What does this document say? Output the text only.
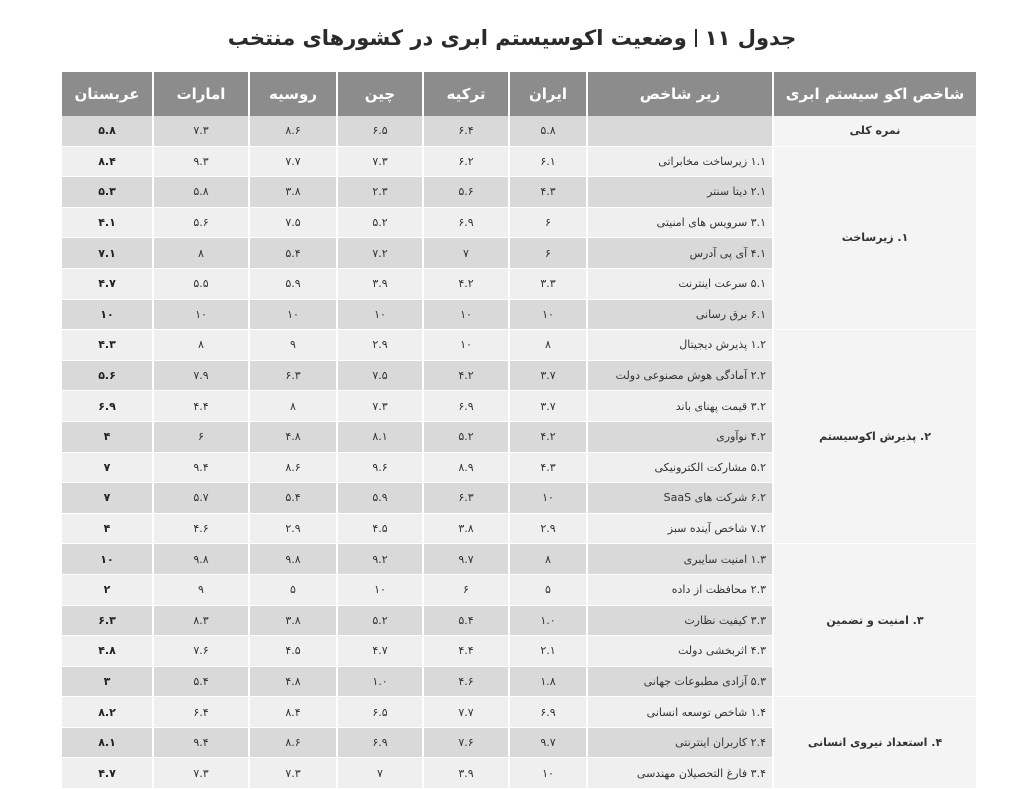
جدول ۱۱وضعیت اکوسیستم ابری در کشورهای منتخب
شاخص اکو سیستم ابری	زیر شاخص	ایران	ترکیه	چین	روسیه	امارات	عربستان
نمره کلی		۵.۸	۶.۴	۶.۵	۸.۶	۷.۳	۵.۸
۱. زیرساخت	۱.۱ زیرساخت مخابراتی	۶.۱	۶.۲	۷.۳	۷.۷	۹.۳	۸.۴
	۲.۱ دیتا سنتر	۴.۳	۵.۶	۲.۳	۳.۸	۵.۸	۵.۳
	۳.۱ سرویس های امنیتی	۶	۶.۹	۵.۲	۷.۵	۵.۶	۴.۱
	۴.۱ آی پی آدرس	۶	۷	۷.۲	۵.۴	۸	۷.۱
	۵.۱ سرعت اینترنت	۳.۳	۴.۲	۳.۹	۵.۹	۵.۵	۴.۷
	۶.۱ برق رسانی	۱۰	۱۰	۱۰	۱۰	۱۰	۱۰
۲. پذیرش اکوسیستم	۱.۲ پذیرش دیجیتال	۸	۱۰	۲.۹	۹	۸	۴.۳
	۲.۲ آمادگی هوش مصنوعی دولت	۳.۷	۴.۲	۷.۵	۶.۳	۷.۹	۵.۶
	۳.۲ قیمت پهنای باند	۳.۷	۶.۹	۷.۳	۸	۴.۴	۶.۹
	۴.۲ نوآوری	۴.۲	۵.۲	۸.۱	۴.۸	۶	۴
	۵.۲ مشارکت الکترونیکی	۴.۳	۸.۹	۹.۶	۸.۶	۹.۴	۷
	۶.۲ شرکت های SaaS	۱۰	۶.۳	۵.۹	۵.۴	۵.۷	۷
	۷.۲ شاخص آینده سبز	۲.۹	۳.۸	۴.۵	۲.۹	۴.۶	۴
۳. امنیت و تضمین	۱.۳ امنیت سایبری	۸	۹.۷	۹.۲	۹.۸	۹.۸	۱۰
	۲.۳ محافظت از داده	۵	۶	۱۰	۵	۹	۲
	۳.۳ کیفیت نظارت	۱.۰	۵.۴	۵.۲	۳.۸	۸.۳	۶.۳
	۴.۳ اثربخشی دولت	۲.۱	۴.۴	۴.۷	۴.۵	۷.۶	۴.۸
	۵.۳ آزادی مطبوعات جهانی	۱.۸	۴.۶	۱.۰	۴.۸	۵.۴	۳
۴. استعداد نیروی انسانی	۱.۴ شاخص توسعه انسانی	۶.۹	۷.۷	۶.۵	۸.۴	۶.۴	۸.۲
	۲.۴ کاربران اینترنتی	۹.۷	۷.۶	۶.۹	۸.۶	۹.۴	۸.۱
	۳.۴ فارغ التحصیلان مهندسی	۱۰	۳.۹	۷	۷.۳	۷.۳	۴.۷
